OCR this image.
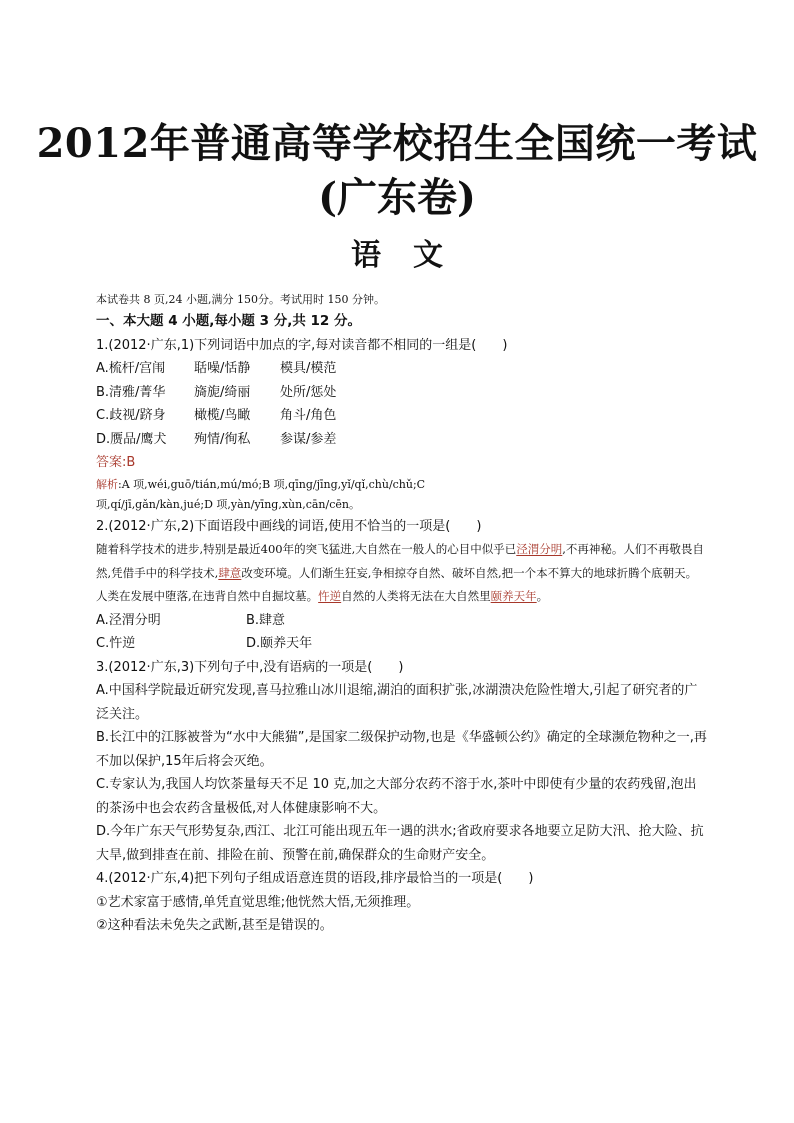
2012年普通高等学校招生全国统一考试
(广东卷)
语文
本试卷共 8 页,24 小题,满分 150分。考试用时 150 分钟。
一、本大题 4 小题,每小题 3 分,共 12 分。
1.(2012·广东,1)下列词语中加点的字,每对读音都不相同的一组是(　　)
A.梳杆/宫闱 聒噪/恬静 模具/模范
B.清雅/菁华 旖旎/绮丽 处所/惩处
C.歧视/跻身 橄榄/鸟瞰 角斗/角色
D.赝品/鹰犬 殉情/徇私 参谋/参差
答案:B
解析:A 项,wéi,guō/tián,mú/mó;B 项,qīng/jīng,yǐ/qǐ,chù/chǔ;C
项,qí/jī,gǎn/kàn,jué;D 项,yàn/yīng,xùn,cān/cēn。
2.(2012·广东,2)下面语段中画线的词语,使用不恰当的一项是(　　)
随着科学技术的进步,特别是最近400年的突飞猛进,大自然在一般人的心目中似乎已泾渭分明,不再神秘。人们不再敬畏自然,凭借手中的科学技术,肆意改变环境。人们渐生狂妄,争相掠夺自然、破坏自然,把一个本不算大的地球折腾个底朝天。人类在发展中堕落,在违背自然中自掘坟墓。忤逆自然的人类将无法在大自然里颐养天年。
A.泾渭分明	B.肆意
C.忤逆	D.颐养天年
3.(2012·广东,3)下列句子中,没有语病的一项是(　　)
A.中国科学院最近研究发现,喜马拉雅山冰川退缩,湖泊的面积扩张,冰湖溃决危险性增大,引起了研究者的广泛关注。
B.长江中的江豚被誉为“水中大熊猫”,是国家二级保护动物,也是《华盛顿公约》确定的全球濒危物种之一,再不加以保护,15年后将会灭绝。
C.专家认为,我国人均饮茶量每天不足 10 克,加之大部分农药不溶于水,茶叶中即使有少量的农药残留,泡出的茶汤中也会农药含量极低,对人体健康影响不大。
D.今年广东天气形势复杂,西江、北江可能出现五年一遇的洪水;省政府要求各地要立足防大汛、抢大险、抗大旱,做到排查在前、排险在前、预警在前,确保群众的生命财产安全。
4.(2012·广东,4)把下列句子组成语意连贯的语段,排序最恰当的一项是(　　)
①艺术家富于感情,单凭直觉思维;他恍然大悟,无须推理。
②这种看法未免失之武断,甚至是错误的。
